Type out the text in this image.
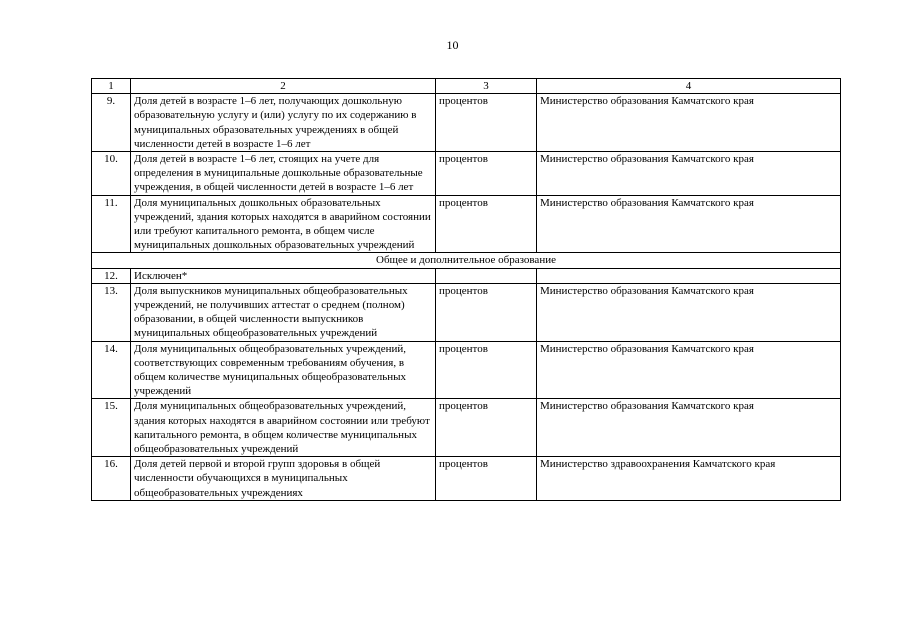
10
1	2	3	4
9.	Доля детей в возрасте 1–6 лет, получающих дошкольную образовательную услугу и (или) услугу по их содержанию в муниципальных образовательных учреждениях в общей численности детей в возрасте 1–6 лет	процентов	Министерство образования Камчатского края
10.	Доля детей в возрасте 1–6 лет, стоящих на учете для определения в муниципальные дошкольные образовательные учреждения, в общей численности детей в возрасте 1–6 лет	процентов	Министерство образования Камчатского края
11.	Доля муниципальных дошкольных образовательных учреждений, здания которых находятся в аварийном состоянии или требуют капитального ремонта, в общем числе муниципальных дошкольных образовательных учреждений	процентов	Министерство образования Камчатского края
Общее и дополнительное образование			
12.	Исключен*		
13.	Доля выпускников муниципальных общеобразовательных учреждений, не получивших аттестат о среднем (полном) образовании, в общей численности выпускников муниципальных общеобразовательных учреждений	процентов	Министерство образования Камчатского края
14.	Доля муниципальных общеобразовательных учреждений, соответствующих современным требованиям обучения, в общем количестве муниципальных общеобразовательных учреждений	процентов	Министерство образования Камчатского края
15.	Доля муниципальных общеобразовательных учреждений, здания которых находятся в аварийном состоянии или требуют капитального ремонта, в общем количестве муниципальных общеобразовательных учреждений	процентов	Министерство образования Камчатского края
16.	Доля детей первой и второй групп здоровья в общей численности обучающихся в муниципальных общеобразовательных учреждениях	процентов	Министерство здравоохранения Камчатского края
